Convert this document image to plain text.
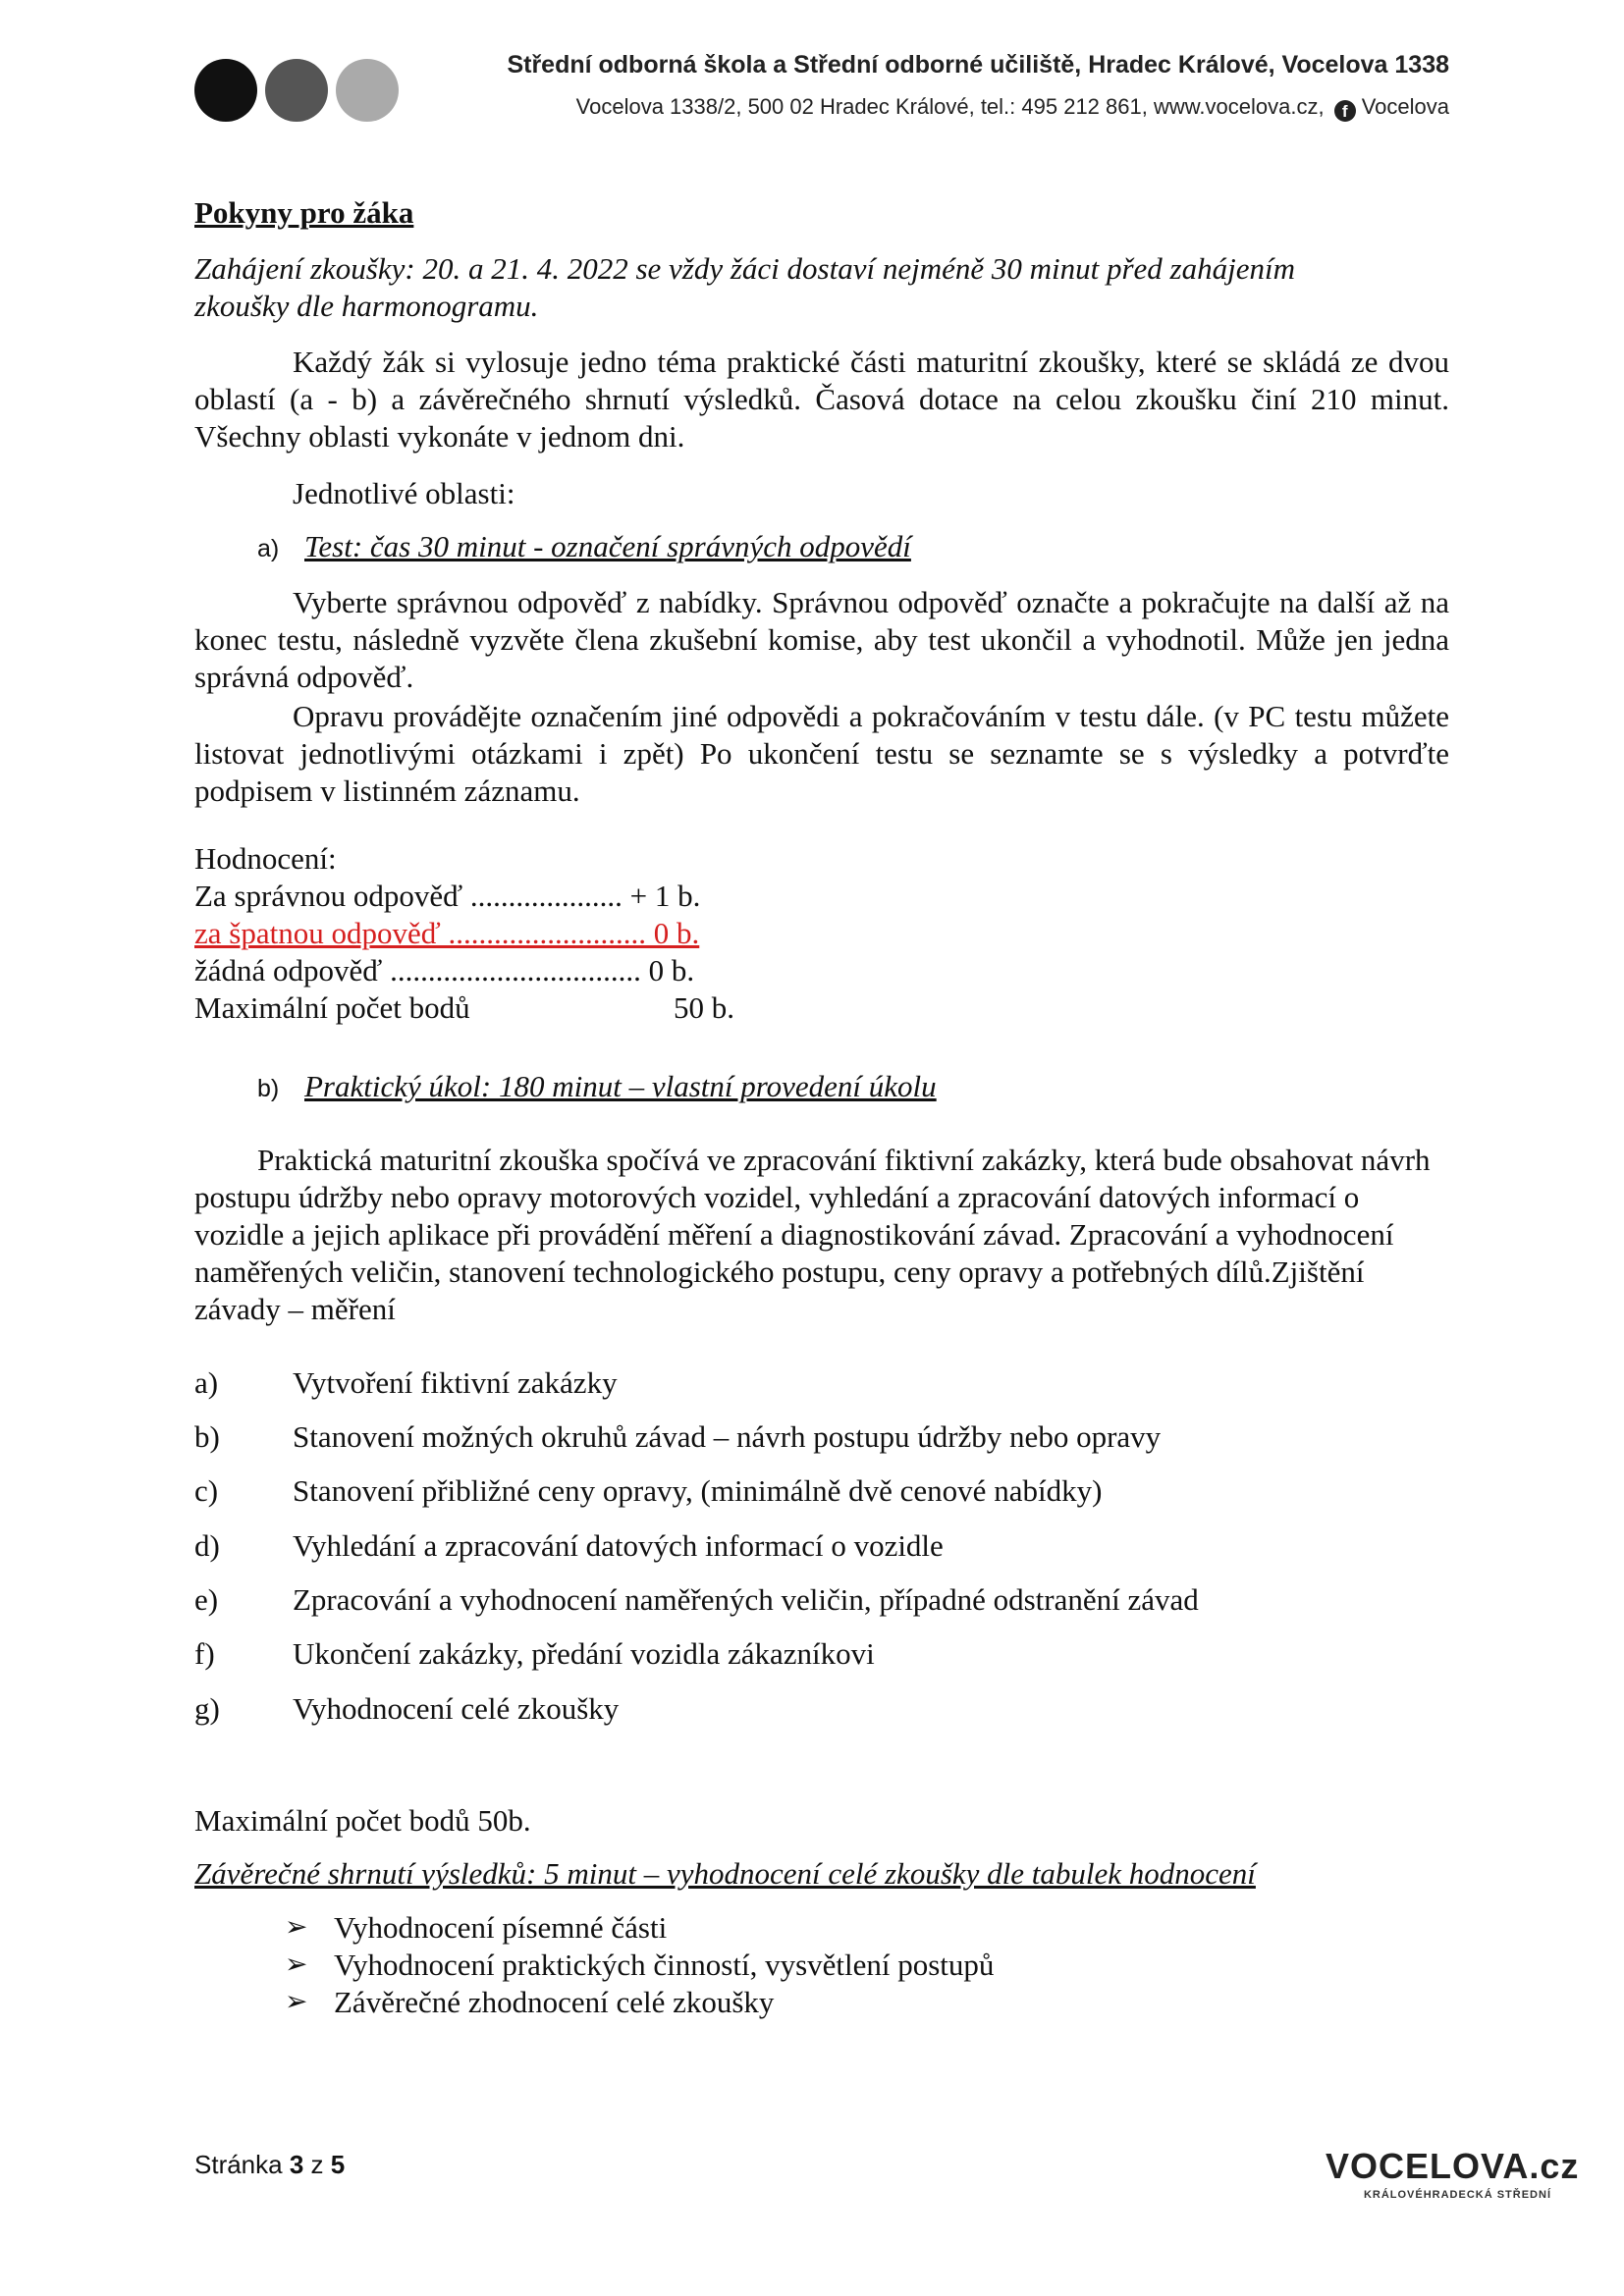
Střední odborná škola a Střední odborné učiliště, Hradec Králové, Vocelova 1338
Vocelova 1338/2, 500 02 Hradec Králové, tel.: 495 212 861, www.vocelova.cz, f Vocelova
Pokyny pro žáka
Zahájení zkoušky: 20. a 21. 4. 2022 se vždy žáci dostaví nejméně 30 minut před zahájením
zkoušky dle harmonogramu.
Každý žák si vylosuje jedno téma praktické části maturitní zkoušky, které se skládá ze dvou oblastí (a - b) a závěrečného shrnutí výsledků. Časová dotace na celou zkoušku činí 210 minut. Všechny oblasti vykonáte v jednom dni.
Jednotlivé oblasti:
a) Test: čas 30 minut - označení správných odpovědí
Vyberte správnou odpověď z nabídky. Správnou odpověď označte a pokračujte na další až na konec testu, následně vyzvěte člena zkušební komise, aby test ukončil a vyhodnotil. Může jen jedna správná odpověď.
Opravu provádějte označením jiné odpovědi a pokračováním v testu dále. (v PC testu můžete listovat jednotlivými otázkami i zpět) Po ukončení testu se seznamte se s výsledky a potvrďte podpisem v listinném záznamu.
Hodnocení:
Za správnou odpověď .................... + 1 b.
za špatnou odpověď .......................... 0 b.
žádná odpověď ................................. 0 b.
Maximální počet bodů	50 b.
b) Praktický úkol: 180 minut – vlastní provedení úkolu
Praktická maturitní zkouška spočívá ve zpracování fiktivní zakázky, která bude obsahovat návrh postupu údržby nebo opravy motorových vozidel, vyhledání a zpracování datových informací o vozidle a jejich aplikace při provádění měření a diagnostikování závad. Zpracování a vyhodnocení naměřených veličin, stanovení technologického postupu, ceny opravy a potřebných dílů.Zjištění závady – měření
a) Vytvoření fiktivní zakázky
b) Stanovení možných okruhů závad – návrh postupu údržby nebo opravy
c) Stanovení přibližné ceny opravy, (minimálně dvě cenové nabídky)
d) Vyhledání a zpracování datových informací o vozidle
e) Zpracování a vyhodnocení naměřených veličin, případné odstranění závad
f)	Ukončení zakázky, předání vozidla zákazníkovi
g) Vyhodnocení celé zkoušky
Maximální počet bodů 50b.
Závěrečné shrnutí výsledků: 5 minut – vyhodnocení celé zkoušky dle tabulek hodnocení
➢ Vyhodnocení písemné části
➢ Vyhodnocení praktických činností, vysvětlení postupů
➢ Závěrečné zhodnocení celé zkoušky
Stránka 3 z 5	VOCELOVA.cz
KRÁLOVÉHRADECKÁ STŘEDNÍ
